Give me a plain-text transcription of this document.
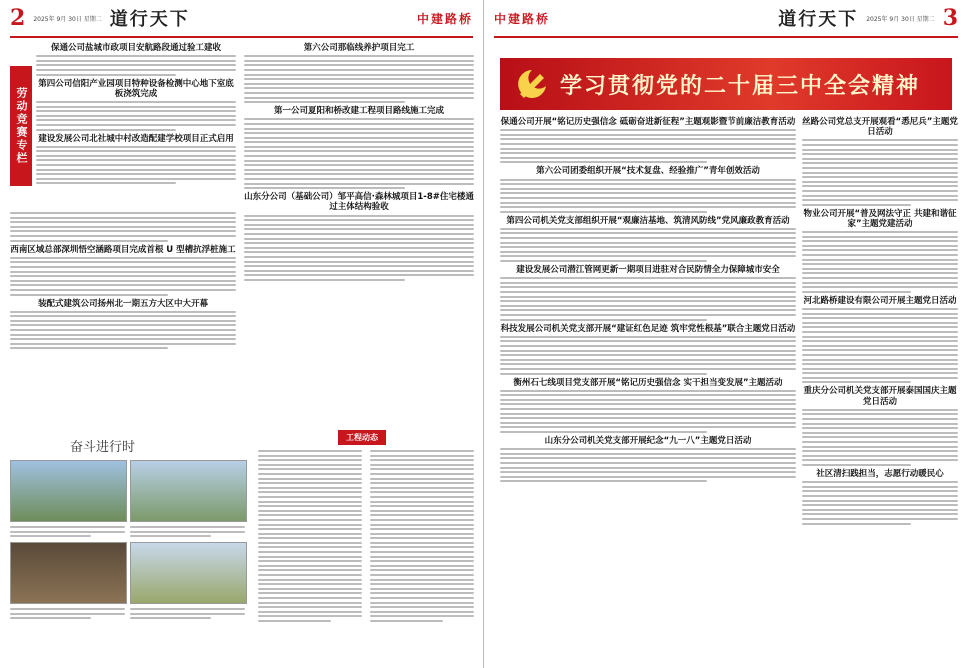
2 2025年 9月 30日 星期二 道行天下	中建路桥
劳动竞赛专栏
保通公司盐城市政项目安航路段通过验工建收
第四公司信阳产业园项目特种设备检测中心地下室底板浇筑完成
建设发展公司北社城中村改造配建学校项目正式启用
西南区域总部深圳悟空涵路项目完成首根 U 型槽抗浮桩施工
装配式建筑公司扬州北一期五方大区中大开幕
第六公司那临线养护项目完工
第一公司夏阳和桥改建工程项目路线施工完成
山东分公司（基础公司）邹平高信·森林城项目1-8#住宅楼通过主体结构验收
奋斗进行时
工程动态
中建路桥	道行天下 2025年 9月 30日 星期二 3
学习贯彻党的二十届三中全会精神
保通公司开展“铭记历史强信念 砥砺奋进新征程”主题观影暨节前廉洁教育活动
第六公司团委组织开展“技术复盘、经验推广”青年创效活动
第四公司机关党支部组织开展“观廉洁基地、筑清风防线”党风廉政教育活动
建设发展公司潜江管网更新一期项目进驻对合民防情全力保障城市安全
科技发展公司机关党支部开展“建证红色足迹 筑牢党性根基”联合主题党日活动
衡州石七线项目党支部开展“铭记历史强信念 实干担当变发展”主题活动
山东分公司机关党支部开展纪念“九一八”主题党日活动
丝路公司党总支开展观看“悉尼兵”主题党日活动
物业公司开展“普及网法守正 共建和谐征家”主题党建活动
河北路桥建设有限公司开展主题党日活动
重庆分公司机关党支部开展泰国国庆主题党日活动
社区清扫践担当，志愿行动暖民心
